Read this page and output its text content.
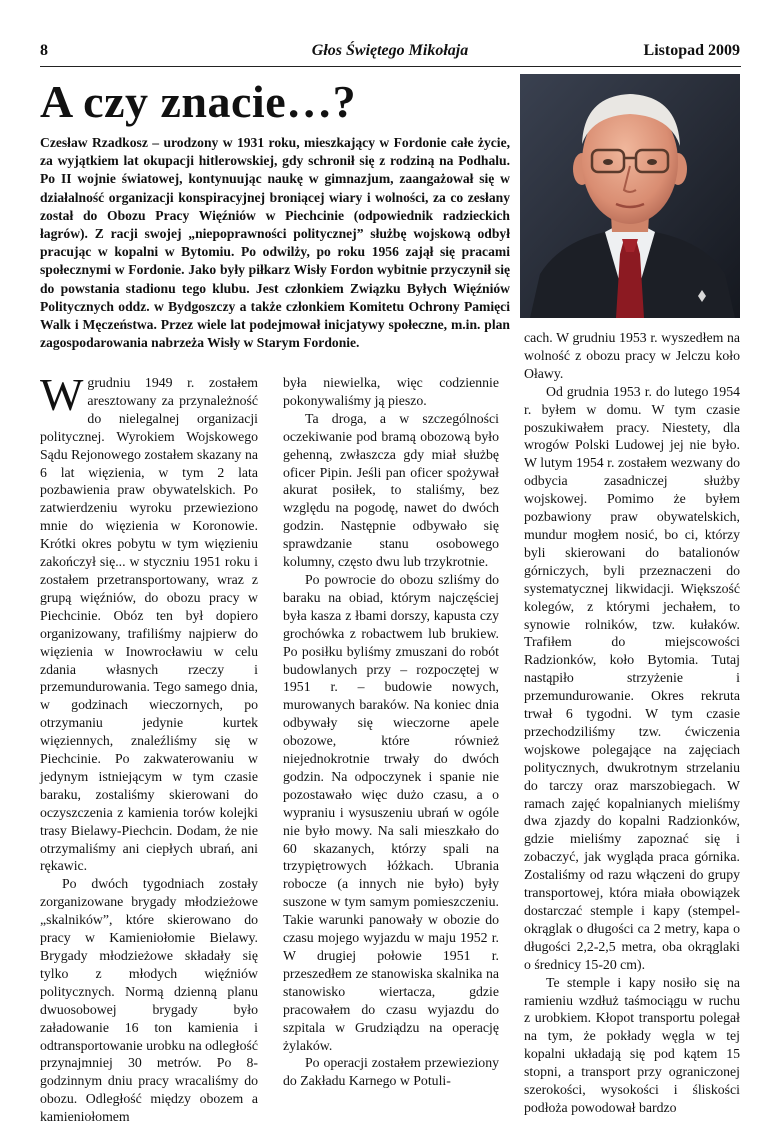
8	Głos Świętego Mikołaja	Listopad 2009
A czy znacie…?

Czesław Rzadkosz – urodzony w 1931 roku, mieszkający w Fordonie całe życie, za wyjątkiem lat okupacji hitlerowskiej, gdy schronił się z rodziną na Podhalu. Po II wojnie światowej, kontynuując naukę w gimnazjum, zaangażował się w działalność organizacji konspiracyjnej broniącej wiary i wolności, za co zesłany został do Obozu Pracy Więźniów w Piechcinie (odpowiednik radzieckich łagrów). Z racji swojej „niepoprawności politycznej” służbę wojskową odbył pracując w kopalni w Bytomiu. Po odwilży, po roku 1956 zajął się pracami społecznymi w Fordonie. Jako były piłkarz Wisły Fordon wybitnie przyczynił się do powstania stadionu tego klubu. Jest członkiem Związku Byłych Więźniów Politycznych oddz. w Bydgoszczy a także członkiem Komitetu Ochrony Pamięci Walk i Męczeństwa. Przez wiele lat podejmował inicjatywy społeczne, m.in. plan zagospodarowania nabrzeża Wisły w Starym Fordonie.

Wgrudniu 1949 r. zostałem aresztowany za przynależność do nielegalnej organizacji politycznej. Wyrokiem Wojskowego Sądu Rejonowego zostałem skazany na 6 lat więzienia, w tym 2 lata pozbawienia praw obywatelskich. Po zatwierdzeniu wyroku przewieziono mnie do więzienia w Koronowie. Krótki okres pobytu w tym więzieniu zakończył się... w styczniu 1951 roku i zostałem przetransportowany, wraz z grupą więźniów, do obozu pracy w Piechcinie. Obóz ten był dopiero organizowany, trafiliśmy najpierw do więzienia w Inowrocławiu w celu zdania własnych rzeczy i przemundurowania. Tego samego dnia, w godzinach wieczornych, po otrzymaniu jedynie kurtek więziennych, znaleźliśmy się w Piechcinie. Po zakwaterowaniu w jedynym istniejącym w tym czasie baraku, zostaliśmy skierowani do oczyszczenia z kamienia torów kolejki trasy Bielawy-Piechcin. Dodam, że nie otrzymaliśmy ani ciepłych ubrań, ani rękawic.

Po dwóch tygodniach zostały zorganizowane brygady młodzieżowe „skalników”, które skierowano do pracy w Kamieniołomie Bielawy. Brygady młodzieżowe składały się tylko z młodych więźniów politycznych. Normą dzienną planu dwuosobowej brygady było załadowanie 16 ton kamienia i odtransportowanie urobku na odległość przynajmniej 30 metrów. Po 8-godzinnym dniu pracy wracaliśmy do obozu. Odległość między obozem a kamieniołomem

była niewielka, więc codziennie pokonywaliśmy ją pieszo.

Ta droga, a w szczególności oczekiwanie pod bramą obozową było gehenną, zwłaszcza gdy miał służbę oficer Pipin. Jeśli pan oficer spożywał akurat posiłek, to staliśmy, bez względu na pogodę, nawet do dwóch godzin. Następnie odbywało się sprawdzanie stanu osobowego kolumny, często dwu lub trzykrotnie.

Po powrocie do obozu szliśmy do baraku na obiad, którym najczęściej była kasza z łbami dorszy, kapusta czy grochówka z robactwem lub brukiew. Po posiłku byliśmy zmuszani do robót budowlanych przy – rozpoczętej w 1951 r. – budowie nowych, murowanych baraków. Na koniec dnia odbywały się wieczorne apele obozowe, które również niejednokrotnie trwały do dwóch godzin. Na odpoczynek i spanie nie pozostawało więc dużo czasu, a o wypraniu i wysuszeniu ubrań w ogóle nie było mowy. Na sali mieszkało do 60 skazanych, którzy spali na trzypiętrowych łóżkach. Ubrania robocze (a innych nie było) były suszone w tym samym pomieszczeniu. Takie warunki panowały w obozie do czasu mojego wyjazdu w maju 1952 r. W drugiej połowie 1951 r. przeszedłem ze stanowiska skalnika na stanowisko wiertacza, gdzie pracowałem do czasu wyjazdu do szpitala w Grudziądzu na operację żylaków.

Po operacji zostałem przewieziony do Zakładu Karnego w Potuli-

cach. W grudniu 1953 r. wyszedłem na wolność z obozu pracy w Jelczu koło Oławy.

Od grudnia 1953 r. do lutego 1954 r. byłem w domu. W tym czasie poszukiwałem pracy. Niestety, dla wrogów Polski Ludowej jej nie było. W lutym 1954 r. zostałem wezwany do odbycia zasadniczej służby wojskowej. Pomimo że byłem pozbawiony praw obywatelskich, mundur mogłem nosić, bo ci, którzy byli skierowani do batalionów górniczych, byli przeznaczeni do systematycznej likwidacji. Większość kolegów, z którymi jechałem, to synowie rolników, tzw. kułaków. Trafiłem do miejscowości Radzionków, koło Bytomia. Tutaj nastąpiło strzyżenie i przemundurowanie. Okres rekruta trwał 6 tygodni. W tym czasie przechodziliśmy tzw. ćwiczenia wojskowe polegające na zajęciach politycznych, dwukrotnym strzelaniu do tarczy oraz marszobiegach. W ramach zajęć kopalnianych mieliśmy dwa zjazdy do kopalni Radzionków, gdzie mieliśmy zapoznać się i zobaczyć, jak wygląda praca górnika. Zostaliśmy od razu włączeni do grupy transportowej, która miała obowiązek dostarczać stemple i kapy (stempel-okrąglak o długości ca 2 metry, kapa o długości 2,2-2,5 metra, oba okrąglaki o średnicy 15-20 cm).

Te stemple i kapy nosiło się na ramieniu wzdłuż taśmociągu w ruchu z urobkiem. Kłopot transportu polegał na tym, że pokłady węgla w tej kopalni układają się pod kątem 15 stopni, a transport przy ograniczonej szerokości, wysokości i śliskości podłoża powodował bardzo
